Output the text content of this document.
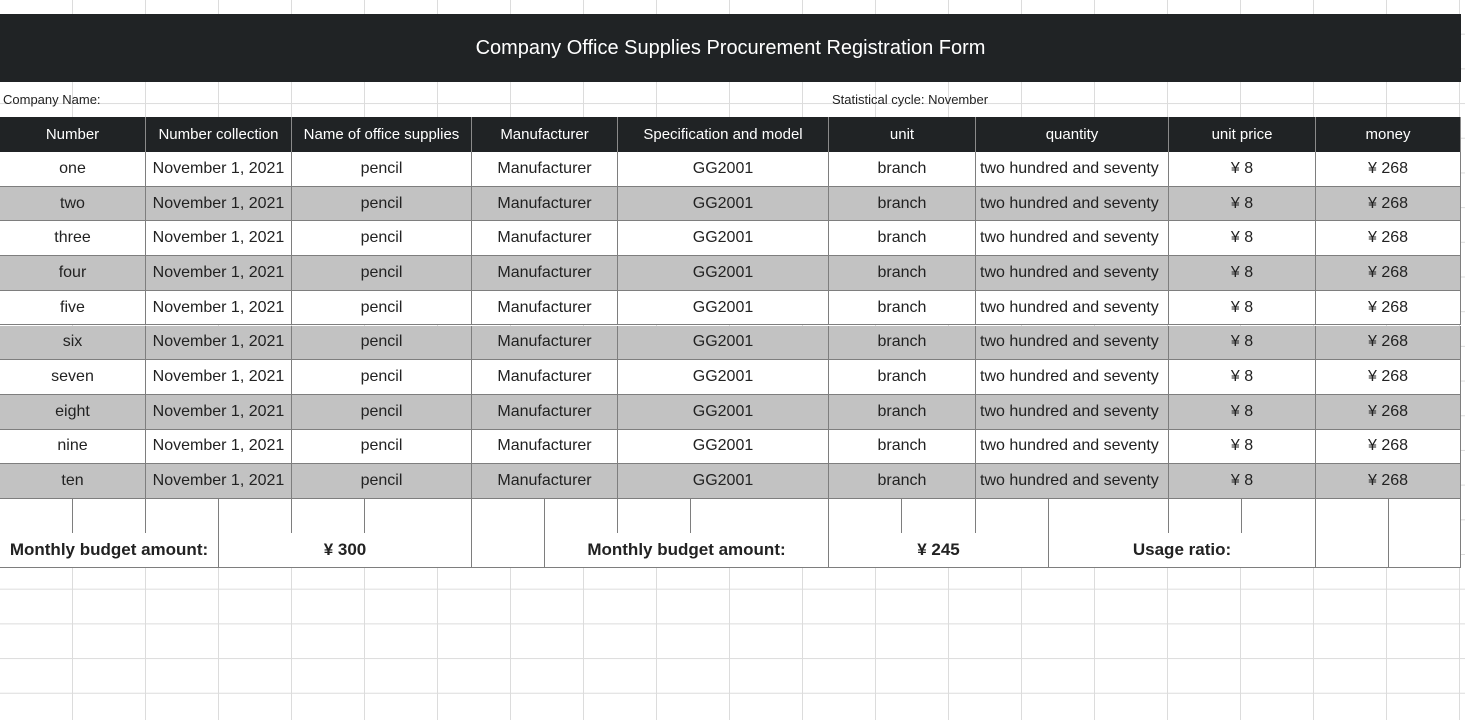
Company Office Supplies Procurement Registration Form
Company Name:	Statistical cycle: November
Number	Number collection	Name of office supplies	Manufacturer	Specification and model	unit	quantity	unit price	money
one	November 1, 2021	pencil	Manufacturer	GG2001	branch	two hundred and seventy	¥ 8	¥ 268
two	November 1, 2021	pencil	Manufacturer	GG2001	branch	two hundred and seventy	¥ 8	¥ 268
three	November 1, 2021	pencil	Manufacturer	GG2001	branch	two hundred and seventy	¥ 8	¥ 268
four	November 1, 2021	pencil	Manufacturer	GG2001	branch	two hundred and seventy	¥ 8	¥ 268
five	November 1, 2021	pencil	Manufacturer	GG2001	branch	two hundred and seventy	¥ 8	¥ 268
six	November 1, 2021	pencil	Manufacturer	GG2001	branch	two hundred and seventy	¥ 8	¥ 268
seven	November 1, 2021	pencil	Manufacturer	GG2001	branch	two hundred and seventy	¥ 8	¥ 268
eight	November 1, 2021	pencil	Manufacturer	GG2001	branch	two hundred and seventy	¥ 8	¥ 268
nine	November 1, 2021	pencil	Manufacturer	GG2001	branch	two hundred and seventy	¥ 8	¥ 268
ten	November 1, 2021	pencil	Manufacturer	GG2001	branch	two hundred and seventy	¥ 8	¥ 268
Monthly budget amount:	¥ 300	Monthly budget amount:	¥ 245	Usage ratio:
